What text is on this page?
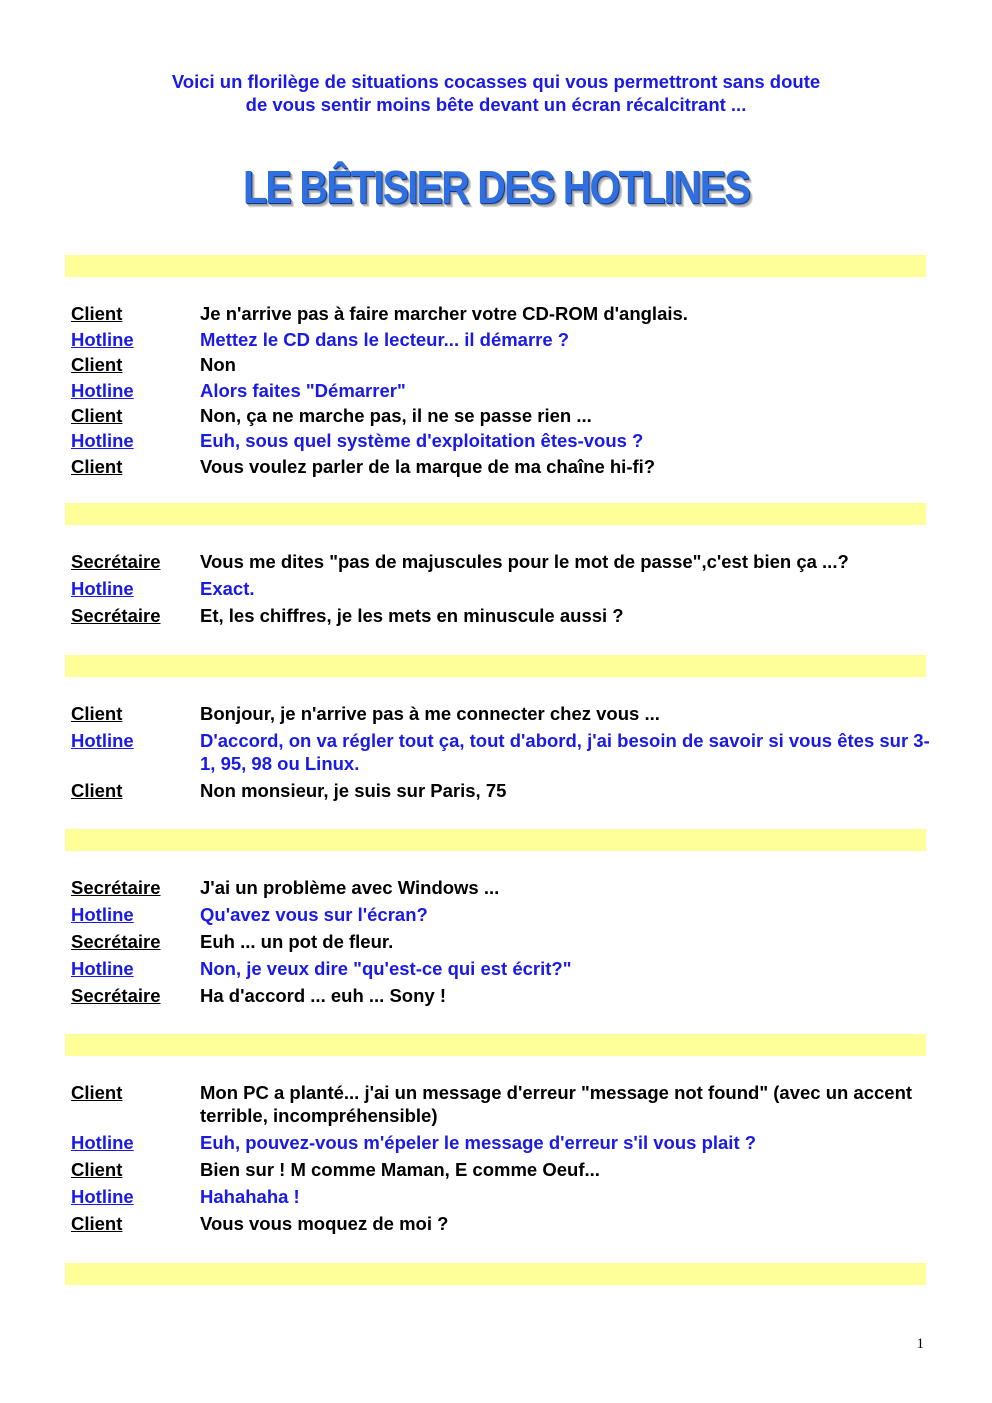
Voici un florilège de situations cocasses qui vous permettront sans doute
de vous sentir moins bête devant un écran récalcitrant ...
LE BÊTISIER DES HOTLINES
Client	Je n'arrive pas à faire marcher votre CD-ROM d'anglais.
Hotline	Mettez le CD dans le lecteur... il démarre ?
Client	Non
Hotline	Alors faites "Démarrer"
Client	Non, ça ne marche pas, il ne se passe rien ...
Hotline	Euh, sous quel système d'exploitation êtes-vous ?
Client	Vous voulez parler de la marque de ma chaîne hi-fi?
Secrétaire	Vous me dites "pas de majuscules pour le mot de passe",c'est bien ça ...?
Hotline	Exact.
Secrétaire	Et, les chiffres, je les mets en minuscule aussi ?
Client	Bonjour, je n'arrive pas à me connecter chez vous ...
Hotline	D'accord, on va régler tout ça, tout d'abord, j'ai besoin de savoir si vous êtes sur 3-1, 95, 98 ou Linux.
Client	Non monsieur, je suis sur Paris, 75
Secrétaire	J'ai un problème avec Windows ...
Hotline	Qu'avez vous sur l'écran?
Secrétaire	Euh ... un pot de fleur.
Hotline	Non, je veux dire "qu'est-ce qui est écrit?"
Secrétaire	Ha d'accord ... euh ... Sony !
Client	Mon PC a planté... j'ai un message d'erreur "message not found" (avec un accent terrible, incompréhensible)
Hotline	Euh, pouvez-vous m'épeler le message d'erreur s'il vous plait ?
Client	Bien sur ! M comme Maman, E comme Oeuf...
Hotline	Hahahaha !
Client	Vous vous moquez de moi ?
1
